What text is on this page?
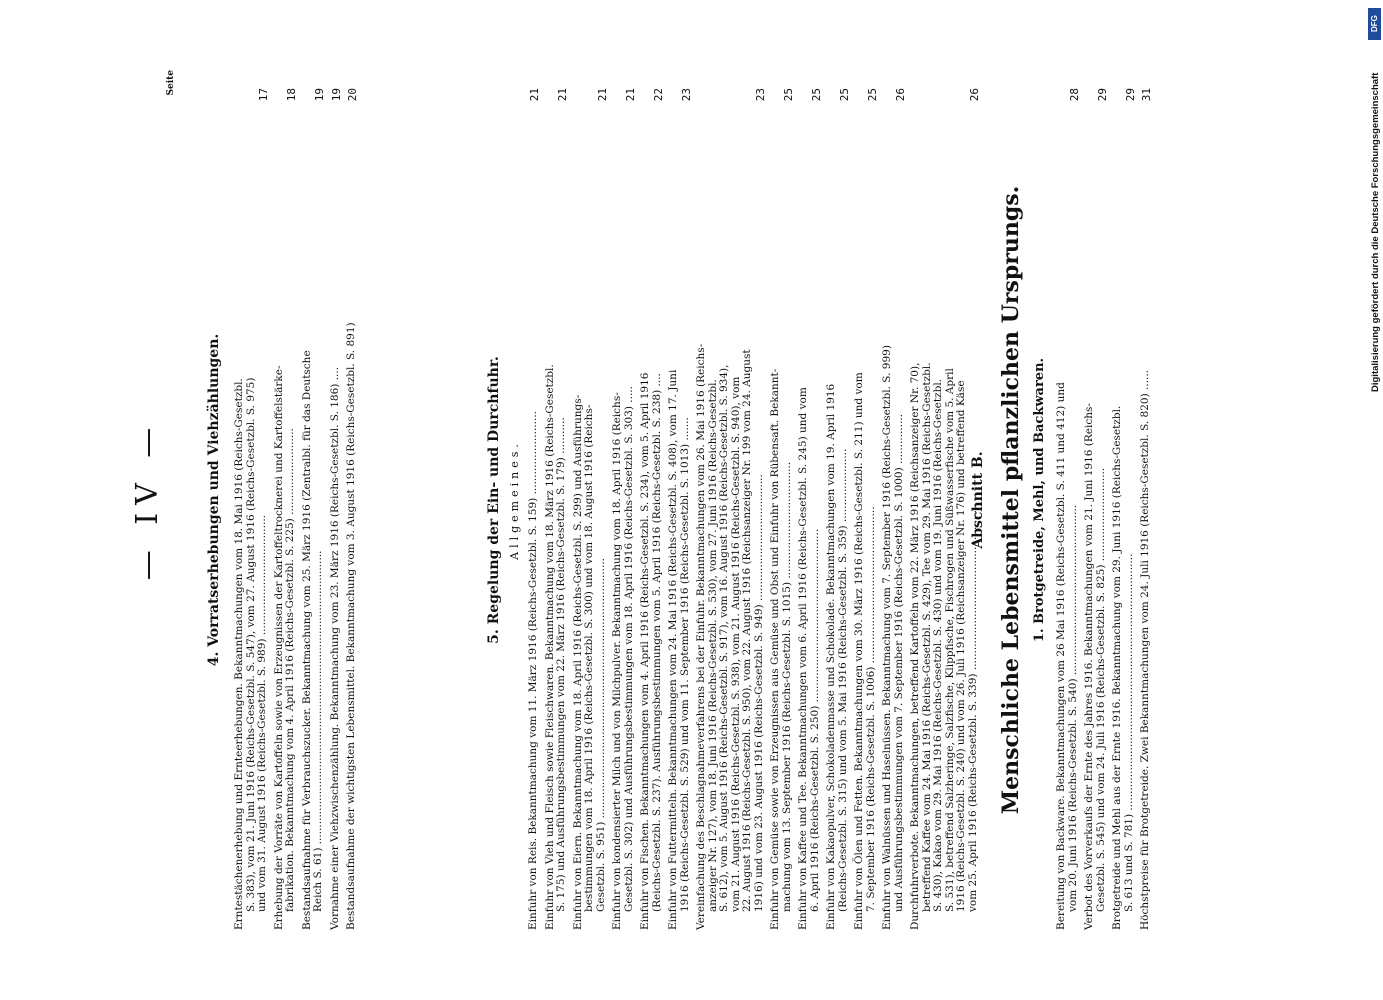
— IV —	4. Vorratserhebungen und Viehzählungen.
Seite
Erntestächenerhebung und Ernteerhebungen. Bekanntmachungen vom 18. Mai 1916 (Reichs-Gesetzbl. S. 383), vom 21. Juni 1916 (Reichs-Gesetzbl. S. 547), vom 27. August 1916 (Reichs-Gesetzbl. S. 975) und vom 31. August 1916 (Reichs-Gesetzbl. S. 989) ....................................
17
Erhebung der Vorräte von Kartoffeln sowie von Erzeugnissen der Kartoffeltrocknerei und Kartoffelstärke- fabrikation. Bekanntmachung vom 4. April 1916 (Reichs-Gesetzbl. S. 225) ..........................
18
Bestandsaufnahme für Verbrauchszucker. Bekanntmachung vom 25. März 1916 (Zentralbl. für das Deutsche Reich S. 61) ........................................................................................
19
Vornahme einer Viehzwischenzählung. Bekanntmachung vom 23. März 1916 (Reichs-Gesetzbl. S. 186) ....
19
Bestandsaufnahme der wichtigsten Lebensmittel. Bekanntmachung vom 3. August 1916 (Reichs-Gesetzbl. S. 891)
20
5. Regelung der Ein- und Durchfuhr. Allgemeines. Einfuhr von Reis. Bekanntmachung vom 11. März 1916 (Reichs-Gesetzbl. S. 159) .........................
21
Einfuhr von Vieh und Fleisch sowie Fleischwaren. Bekanntmachung vom 18. März 1916 (Reichs-Gesetzbl. S. 175) und Ausführungsbestimmungen vom 22. März 1916 (Reichs-Gesetzbl. S. 179) ...........
21
Einfuhr von Eiern. Bekanntmachung vom 18. April 1916 (Reichs-Gesetzbl. S. 299) und Ausführungs- bestimmungen vom 18. April 1916 (Reichs-Gesetzbl. S. 300) und vom 18. August 1916 (Reichs- Gesetzbl. S. 951) ..............................................................................
21
Einfuhr von kondensierter Milch und von Milchpulver. Bekanntmachung vom 18. April 1916 (Reichs- Gesetzbl. S. 302) und Ausführungsbestimmungen vom 18. April 1916 (Reichs-Gesetzbl. S. 303) .....
21
Einfuhr von Fischen. Bekanntmachungen vom 4. April 1916 (Reichs-Gesetzbl. S. 234), vom 5. April 1916 (Reichs-Gesetzbl. S. 237). Ausführungsbestimmungen vom 5. April 1916 (Reichs-Gesetzbl. S. 238) ....
22
Einfuhr von Futtermitteln. Bekanntmachungen vom 24. Mai 1916 (Reichs-Gesetzbl. S. 408), vom 17. Juni 1916 (Reichs-Gesetzbl. S. 529) und vom 11. September 1916 (Reichs-Gesetzbl. S. 1013) .......
23
Vereinfachung des Beschlagnahmeverfahrens bei der Einfuhr. Bekanntmachungen vom 26. Mai 1916 (Reichs- anzeiger Nr. 127), vom 18. Juni 1916 (Reichs-Gesetzbl. S. 530), vom 27. Juni 1916 (Reichs-Gesetzbl. S. 612), vom 5. August 1916 (Reichs-Gesetzbl. S. 917), vom 16. August 1916 (Reichs-Gesetzbl. S. 934), vom 21. August 1916 (Reichs-Gesetzbl. S. 938), vom 21. August 1916 (Reichs-Gesetzbl. S. 940), vom 22. August 1916 (Reichs-Gesetzbl. S. 950), vom 22. August 1916 (Reichsanzeiger Nr. 199 vom 24. August 1916) und vom 23. August 1916 (Reichs-Gesetzbl. S. 949) ......................................
23
Einfuhr von Gemüse sowie von Erzeugnissen aus Gemüse und Obst und Einfuhr von Rübensaft. Bekannt- machung vom 13. September 1916 (Reichs-Gesetzbl. S. 1015) ...................................
25
Einfuhr von Kaffee und Tee. Bekanntmachungen vom 6. April 1916 (Reichs-Gesetzbl. S. 245) und vom 6. April 1916 (Reichs-Gesetzbl. S. 250) ....................................................
25
Einfuhr von Kakaopulver, Schokoladenmasse und Schokolade. Bekanntmachungen vom 19. April 1916 (Reichs-Gesetzbl. S. 315) und vom 5. Mai 1916 (Reichs-Gesetzbl. S. 359) ......................
25
Einfuhr von Ölen und Fetten. Bekanntmachungen vom 30. März 1916 (Reichs-Gesetzbl. S. 211) und vom 7. September 1916 (Reichs-Gesetzbl. S. 1006) ...............................................
25
Einfuhr von Walnüssen und Haselnüssen. Bekanntmachung vom 7. September 1916 (Reichs-Gesetzbl. S. 999) und Ausführungsbestimmungen vom 7. September 1916 (Reichs-Gesetzbl. S. 1000) ...............
26
Durchfuhrverbote. Bekanntmachungen, betreffend Kartoffeln vom 22. März 1916 (Reichsanzeiger Nr. 70), betreffend Kaffee vom 24. Mai 1916 (Reichs-Gesetzbl. S. 429), Tee vom 29. Mai 1916 (Reichs-Gesetzbl. S. 430), Kakao vom 29. Mai 1916 (Reichs-Gesetzbl. S. 430) und vom 19. Juni 1916 (Reichs-Gesetzbl. S. 531), betreffend Salzheringe, Salzfische, Klippfische, Fischrogen und Süßwasserfische vom 5. April 1916 (Reichs-Gesetzbl. S. 240) und vom 26. Juli 1916 (Reichsanzeiger Nr. 176) und betreffend Käse vom 25. April 1916 (Reichs-Gesetzbl. S. 339) ..................................................
26
Abschnitt B. Menschliche Lebensmittel pflanzlichen Ursprungs. 1. Brotgetreide, Mehl, und Backwaren. Bereitung von Backware. Bekanntmachungen vom 26 Mai 1916 (Reichs-Gesetzbl. S. 411 und 412) und vom 20. Juni 1916 (Reichs-Gesetzbl. S. 540) ...................................................
28
Verbot des Vorverkaufs der Ernte des Jahres 1916. Bekanntmachungen vom 21. Juni 1916 (Reichs- Gesetzbl. S. 545) und vom 24. Juli 1916 (Reichs-Gesetzbl. S. 825) ............................
29
Brotgetreide und Mehl aus der Ernte 1916. Bekanntmachung vom 29. Juni 1916 (Reichs-Gesetzbl. S. 613 und S. 781) .............................................................................
29
Höchstpreise für Brotgetreide. Zwei Bekanntmachungen vom 24. Juli 1916 (Reichs-Gesetzbl. S. 820) ......
31
DFG
Digitalisierung gefördert durch die Deutsche Forschungsgemeinschaft
